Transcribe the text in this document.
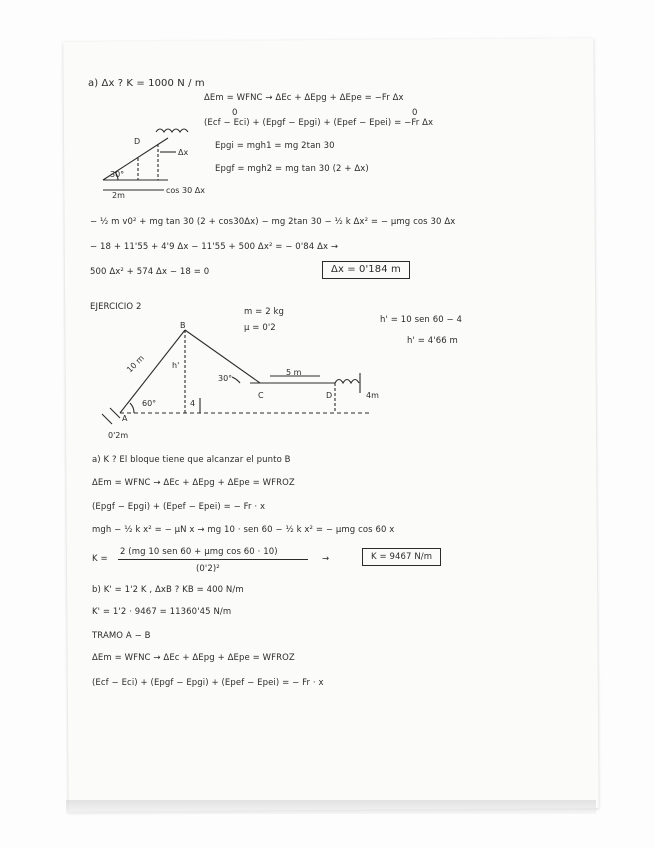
a) Δx ? K = 1000 N / m
ΔEm = WFNC → ΔEc + ΔEpg + ΔEpe = −Fr Δx
0	0
(Ecf − Eci) + (Epgf − Epgi) + (Epef − Epei) = −Fr Δx
Epgi = mgh1 = mg 2tan 30
Epgf = mgh2 = mg tan 30 (2 + Δx)
D
30°
2m
Δx
cos 30 Δx
− ½ m v0² + mg tan 30 (2 + cos30Δx) − mg 2tan 30 − ½ k Δx² = − μmg cos 30 Δx
− 18 + 11'55 + 4'9 Δx − 11'55 + 500 Δx² = − 0'84 Δx →
500 Δx² + 574 Δx − 18 = 0	Δx = 0'184 m
EJERCICIO 2	m = 2 kg
μ = 0'2
h' = 10 sen 60 − 4
h' = 4'66 m
B
A
C	D
10 m	5 m
60°
30°
h'
4
4m
0'2m
a) K ? El bloque tiene que alcanzar el punto B
ΔEm = WFNC → ΔEc + ΔEpg + ΔEpe = WFROZ
(Epgf − Epgi) + (Epef − Epei) = − Fr · x
mgh − ½ k x² = − μN x → mg 10 · sen 60 − ½ k x² = − μmg cos 60 x
K =
2 (mg 10 sen 60 + μmg cos 60 · 10)
(0'2)²
→	K = 9467 N/m
b) K' = 1'2 K , ΔxB ? KB = 400 N/m
K' = 1'2 · 9467 = 11360'45 N/m
TRAMO A − B
ΔEm = WFNC → ΔEc + ΔEpg + ΔEpe = WFROZ
(Ecf − Eci) + (Epgf − Epgi) + (Epef − Epei) = − Fr · x
